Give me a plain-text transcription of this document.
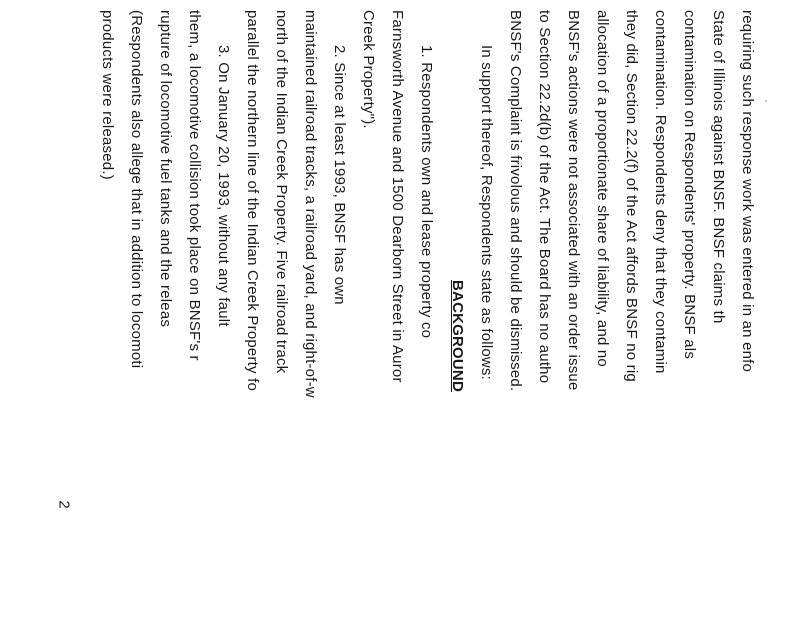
requiring such response work was entered in an enfo
State of Illinois against BNSF. BNSF claims th
contamination on Respondents' property. BNSF als
contamination. Respondents deny that they contamin
they did, Section 22.2(f) of the Act affords BNSF no rig
allocation of a proportionate share of liability, and no
BNSF's actions were not associated with an order issue
to Section 22.2d(b) of the Act. The Board has no autho
BNSF's Complaint is frivolous and should be dismissed.
In support thereof, Respondents state as follows:
BACKGROUND
1. Respondents own and lease property co
Farnsworth Avenue and 1500 Dearborn Street in Auror
Creek Property").
2. Since at least 1993, BNSF has own
maintained railroad tracks, a railroad yard, and right-of-w
north of the Indian Creek Property. Five railroad track
parallel the northern line of the Indian Creek Property fo
3. On January 20, 1993, without any fault
them, a locomotive collision took place on BNSF's r
rupture of locomotive fuel tanks and the releas
(Respondents also allege that in addition to locomoti
products were released.)
2
